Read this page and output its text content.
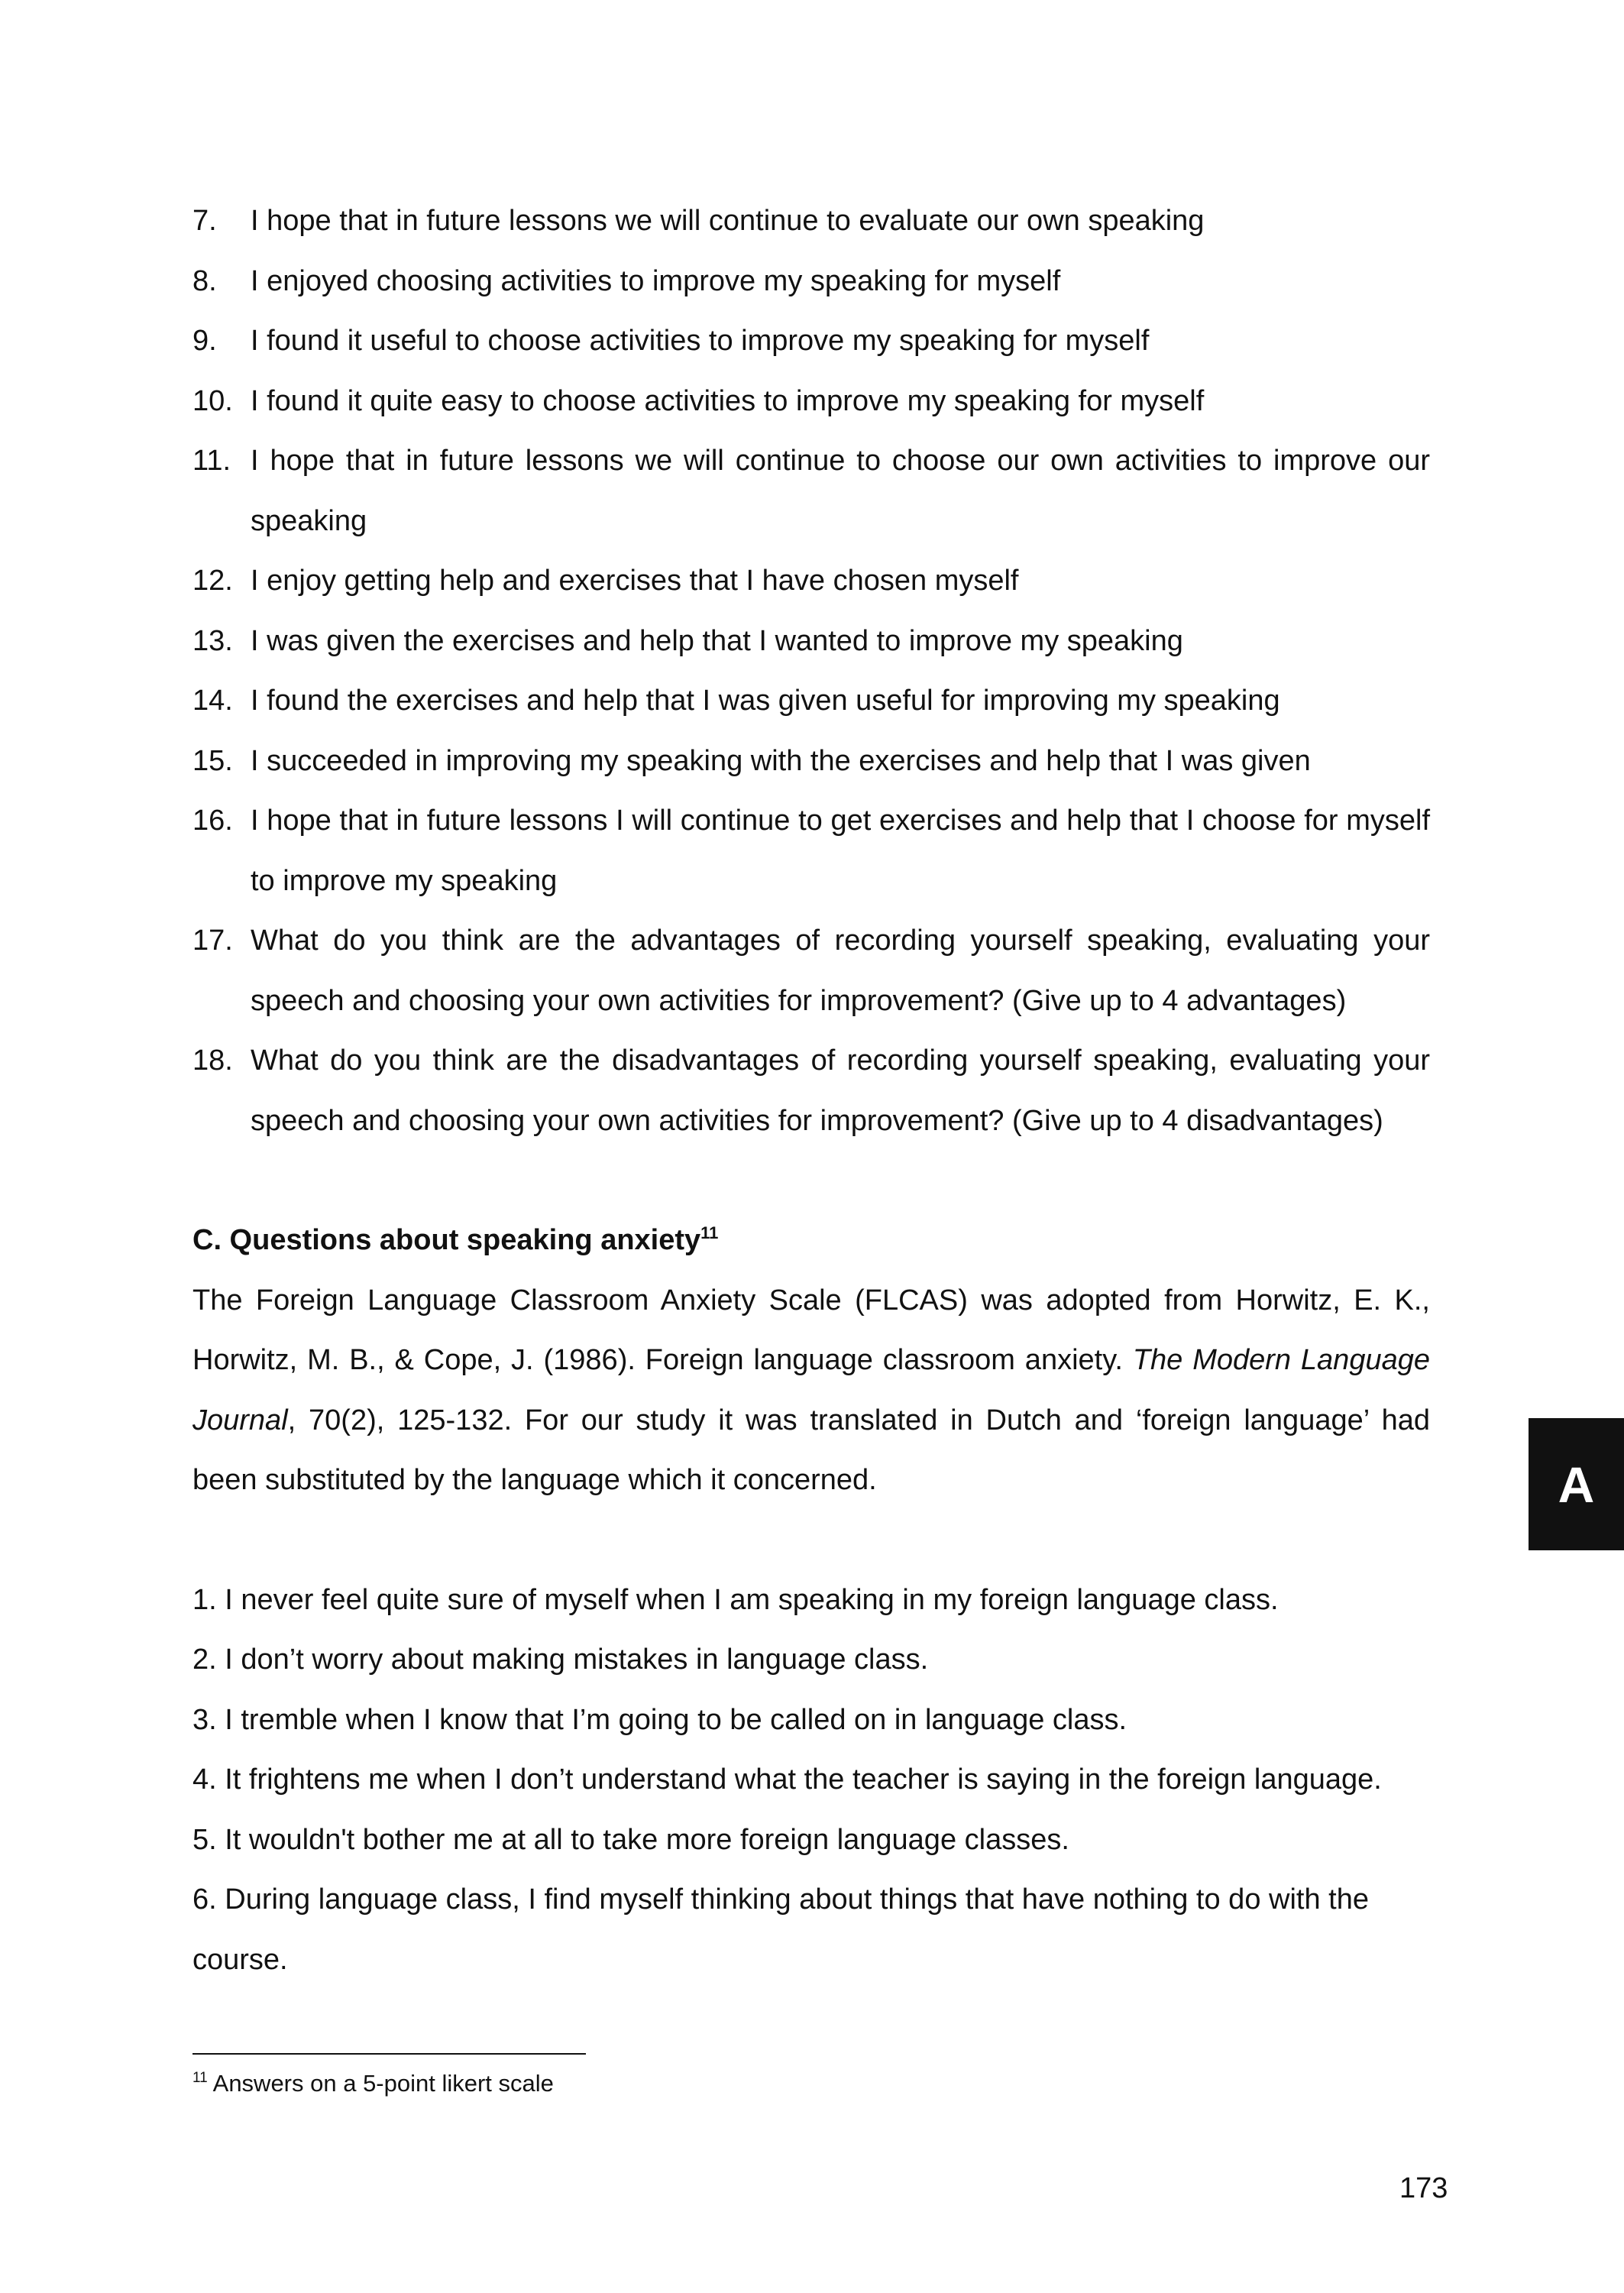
7.	I hope that in future lessons we will continue to evaluate our own speaking
8.	I enjoyed choosing activities to improve my speaking for myself
9.	I found it useful to choose activities to improve my speaking for myself
10. I found it quite easy to choose activities to improve my speaking for myself
11. I hope that in future lessons we will continue to choose our own activities to improve our speaking
12. I enjoy getting help and exercises that I have chosen myself
13. I was given the exercises and help that I wanted to improve my speaking
14. I found the exercises and help that I was given useful for improving my speaking
15. I succeeded in improving my speaking with the exercises and help that I was given
16. I hope that in future lessons I will continue to get exercises and help that I choose for myself to improve my speaking
17. What do you think are the advantages of recording yourself speaking, evaluating your speech and choosing your own activities for improvement? (Give up to 4 advantages)
18. What do you think are the disadvantages of recording yourself speaking, evaluating your speech and choosing your own activities for improvement? (Give up to 4 disadvantages)
C. Questions about speaking anxiety$^{11}$

The Foreign Language Classroom Anxiety Scale (FLCAS) was adopted from Horwitz, E. K., Horwitz, M. B., & Cope, J. (1986). Foreign language classroom anxiety. The Modern Language Journal, 70(2), 125-132. For our study it was translated in Dutch and ‘foreign language’ had been substituted by the language which it concerned.

1. I never feel quite sure of myself when I am speaking in my foreign language class.
2. I don’t worry about making mistakes in language class.
3. I tremble when I know that I’m going to be called on in language class.
4. It frightens me when I don’t understand what the teacher is saying in the foreign language.
5. It wouldn't bother me at all to take more foreign language classes.
6. During language class, I find myself thinking about things that have nothing to do with the course.
$^{11}$ Answers on a 5-point likert scale
A
173
